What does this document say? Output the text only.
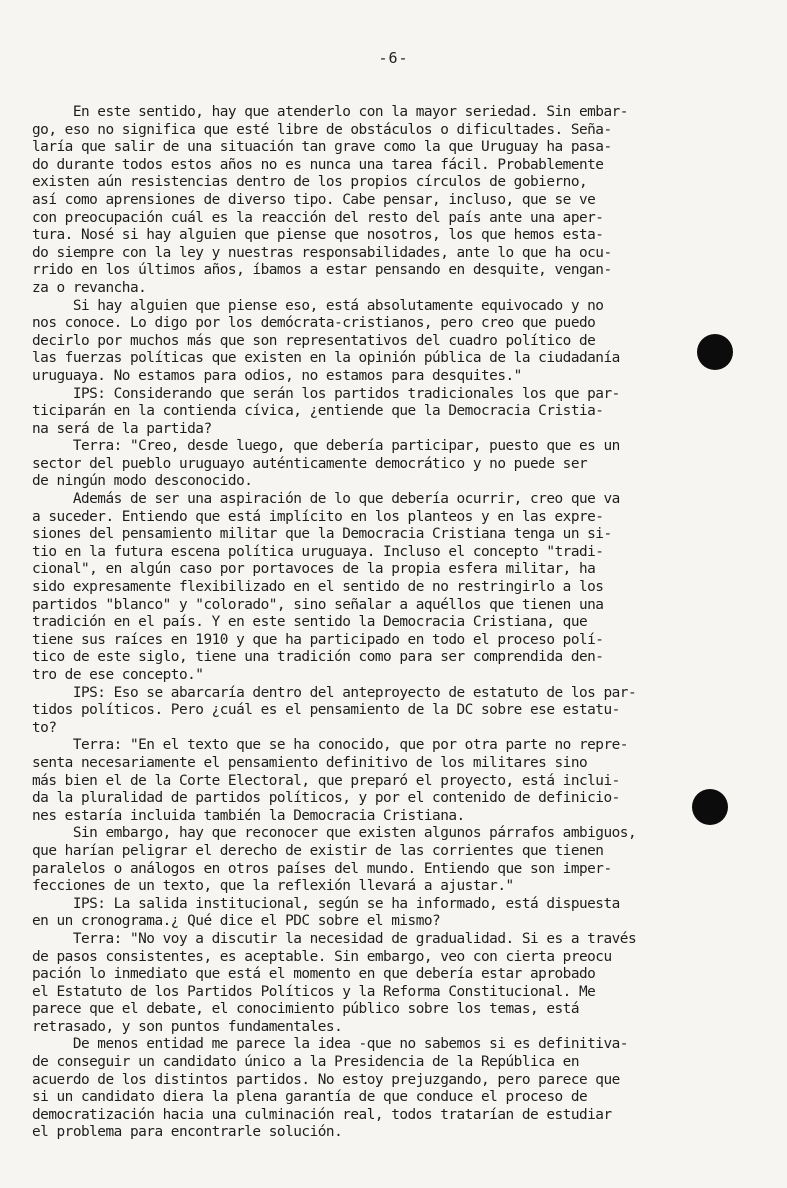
-6-
En este sentido, hay que atenderlo con la mayor seriedad. Sin embar-
go, eso no significa que esté libre de obstáculos o dificultades. Seña-
laría que salir de una situación tan grave como la que Uruguay ha pasa-
do durante todos estos años no es nunca una tarea fácil. Probablemente
existen aún resistencias dentro de los propios círculos de gobierno,
así como aprensiones de diverso tipo. Cabe pensar, incluso, que se ve
con preocupación cuál es la reacción del resto del país ante una aper-
tura. Nosé si hay alguien que piense que nosotros, los que hemos esta-
do siempre con la ley y nuestras responsabilidades, ante lo que ha ocu-
rrido en los últimos años, íbamos a estar pensando en desquite, vengan-
za o revancha.
Si hay alguien que piense eso, está absolutamente equivocado y no
nos conoce. Lo digo por los demócrata-cristianos, pero creo que puedo
decirlo por muchos más que son representativos del cuadro político de
las fuerzas políticas que existen en la opinión pública de la ciudadanía
uruguaya. No estamos para odios, no estamos para desquites."
IPS: Considerando que serán los partidos tradicionales los que par-
ticiparán en la contienda cívica, ¿entiende que la Democracia Cristia-
na será de la partida?
Terra: "Creo, desde luego, que debería participar, puesto que es un
sector del pueblo uruguayo auténticamente democrático y no puede ser
de ningún modo desconocido.
Además de ser una aspiración de lo que debería ocurrir, creo que va
a suceder. Entiendo que está implícito en los planteos y en las expre-
siones del pensamiento militar que la Democracia Cristiana tenga un si-
tio en la futura escena política uruguaya. Incluso el concepto "tradi-
cional", en algún caso por portavoces de la propia esfera militar, ha
sido expresamente flexibilizado en el sentido de no restringirlo a los
partidos "blanco" y "colorado", sino señalar a aquéllos que tienen una
tradición en el país. Y en este sentido la Democracia Cristiana, que
tiene sus raíces en 1910 y que ha participado en todo el proceso polí-
tico de este siglo, tiene una tradición como para ser comprendida den-
tro de ese concepto."
IPS: Eso se abarcaría dentro del anteproyecto de estatuto de los par-
tidos políticos. Pero ¿cuál es el pensamiento de la DC sobre ese estatu-
to?
Terra: "En el texto que se ha conocido, que por otra parte no repre-
senta necesariamente el pensamiento definitivo de los militares sino
más bien el de la Corte Electoral, que preparó el proyecto, está inclui-
da la pluralidad de partidos políticos, y por el contenido de definicio-
nes estaría incluida también la Democracia Cristiana.
Sin embargo, hay que reconocer que existen algunos párrafos ambiguos,
que harían peligrar el derecho de existir de las corrientes que tienen
paralelos o análogos en otros países del mundo. Entiendo que son imper-
fecciones de un texto, que la reflexión llevará a ajustar."
IPS: La salida institucional, según se ha informado, está dispuesta
en un cronograma.¿ Qué dice el PDC sobre el mismo?
Terra: "No voy a discutir la necesidad de gradualidad. Si es a través
de pasos consistentes, es aceptable. Sin embargo, veo con cierta preocu
pación lo inmediato que está el momento en que debería estar aprobado
el Estatuto de los Partidos Políticos y la Reforma Constitucional. Me
parece que el debate, el conocimiento público sobre los temas, está
retrasado, y son puntos fundamentales.
De menos entidad me parece la idea -que no sabemos si es definitiva-
de conseguir un candidato único a la Presidencia de la República en
acuerdo de los distintos partidos. No estoy prejuzgando, pero parece que
si un candidato diera la plena garantía de que conduce el proceso de
democratización hacia una culminación real, todos tratarían de estudiar
el problema para encontrarle solución.
